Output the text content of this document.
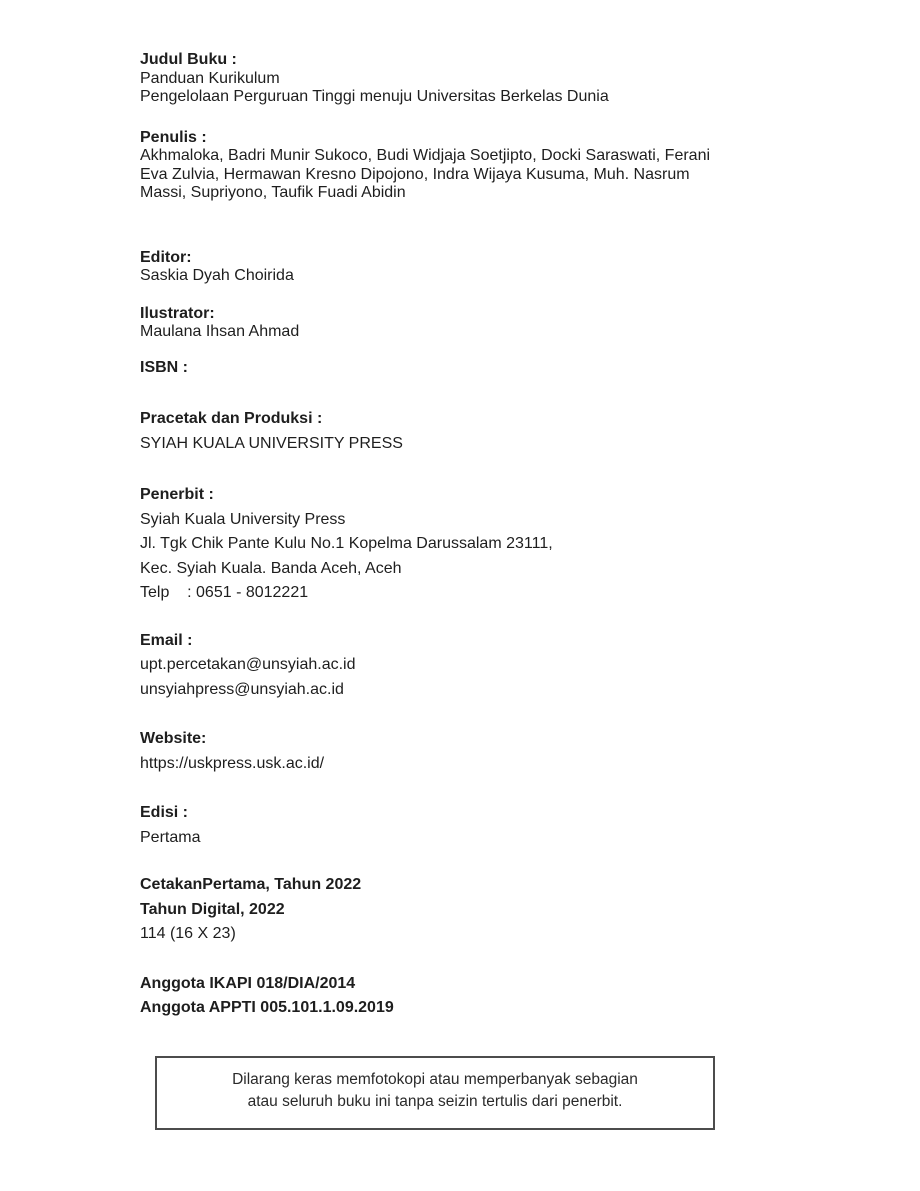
Judul Buku :

Panduan Kurikulum

Pengelolaan Perguruan Tinggi menuju Universitas Berkelas Dunia

Penulis :

Akhmaloka, Badri Munir Sukoco, Budi Widjaja Soetjipto, Docki Saraswati, Ferani

Eva Zulvia, Hermawan Kresno Dipojono, Indra Wijaya Kusuma, Muh. Nasrum

Massi, Supriyono, Taufik Fuadi Abidin

Editor:

Saskia Dyah Choirida

Ilustrator:

Maulana Ihsan Ahmad

ISBN :

Pracetak dan Produksi :

SYIAH KUALA UNIVERSITY PRESS

Penerbit :

Syiah Kuala University Press

Jl. Tgk Chik Pante Kulu No.1 Kopelma Darussalam 23111,

Kec. Syiah Kuala. Banda Aceh, Aceh

Telp    : 0651 - 8012221

Email :

upt.percetakan@unsyiah.ac.id

unsyiahpress@unsyiah.ac.id

Website:

https://uskpress.usk.ac.id/

Edisi :

Pertama

CetakanPertama, Tahun 2022

Tahun Digital, 2022

114 (16 X 23)

Anggota IKAPI 018/DIA/2014

Anggota APPTI 005.101.1.09.2019

Dilarang keras memfotokopi atau memperbanyak sebagian

atau seluruh buku ini tanpa seizin tertulis dari penerbit.
